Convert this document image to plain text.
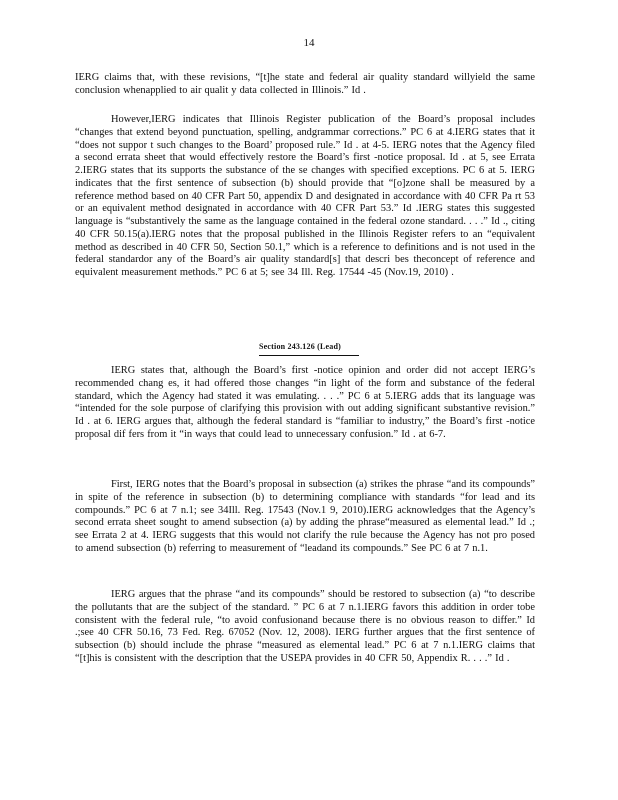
14

IERG claims that, with these revisions, “[t]he state and federal air quality standard willyield the same conclusion whenapplied to air qualit y data collected in Illinois.” Id .

However,IERG indicates that Illinois Register publication of the Board’s proposal includes “changes that extend beyond punctuation, spelling, andgrammar corrections.” PC 6 at 4.IERG states that it “does not suppor t such changes to the Board’ proposed rule.” Id . at 4-5. IERG notes that the Agency filed a second errata sheet that would effectively restore the Board’s first -notice proposal. Id . at 5, see Errata 2.IERG states that its supports the substance of the se changes with specified exceptions. PC 6 at 5. IERG indicates that the first sentence of subsection (b) should provide that “[o]zone shall be measured by a reference method based on 40 CFR Part 50, appendix D and designated in accordance with 40 CFR Pa rt 53 or an equivalent method designated in accordance with 40 CFR Part 53.” Id .IERG states this suggested language is “substantively the same as the language contained in the federal ozone standard. . . .” Id ., citing 40 CFR 50.15(a).IERG notes that the proposal published in the Illinois Register refers to an “equivalent method as described in 40 CFR 50, Section 50.1,” which is a reference to definitions and is not used in the federal standardor any of the Board’s air quality standard[s] that descri bes theconcept of reference and equivalent measurement methods.” PC 6 at 5; see 34 Ill. Reg. 17544 -45 (Nov.19, 2010) .

Section 243.126 (Lead)

IERG states that, although the Board’s first -notice opinion and order did not accept IERG’s recommended chang es, it had offered those changes “in light of the form and substance of the federal standard, which the Agency had stated it was emulating. . . .” PC 6 at 5.IERG adds that its language was “intended for the sole purpose of clarifying this provision with out adding significant substantive revision.” Id . at 6. IERG argues that, although the federal standard is “familiar to industry,” the Board’s first -notice proposal dif fers from it “in ways that could lead to unnecessary confusion.” Id . at 6-7.

First, IERG notes that the Board’s proposal in subsection (a) strikes the phrase “and its compounds” in spite of the reference in subsection (b) to determining compliance with standards “for lead and its compounds.” PC 6 at 7 n.1; see 34Ill. Reg. 17543 (Nov.1 9, 2010).IERG acknowledges that the Agency’s second errata sheet sought to amend subsection (a) by adding the phrase“measured as elemental lead.” Id .; see Errata 2 at 4. IERG suggests that this would not clarify the rule because the Agency has not pro posed to amend subsection (b) referring to measurement of “leadand its compounds.” See PC 6 at 7 n.1.

IERG argues that the phrase “and its compounds” should be restored to subsection (a) “to describe the pollutants that are the subject of the standard. ” PC 6 at 7 n.1.IERG favors this addition in order tobe consistent with the federal rule, “to avoid confusionand because there is no obvious reason to differ.” Id .;see 40 CFR 50.16, 73 Fed. Reg. 67052 (Nov. 12, 2008). IERG further argues that the first sentence of subsection (b) should include the phrase “measured as elemental lead.” PC 6 at 7 n.1.IERG claims that “[t]his is consistent with the description that the USEPA provides in 40 CFR 50, Appendix R. . . .” Id .
